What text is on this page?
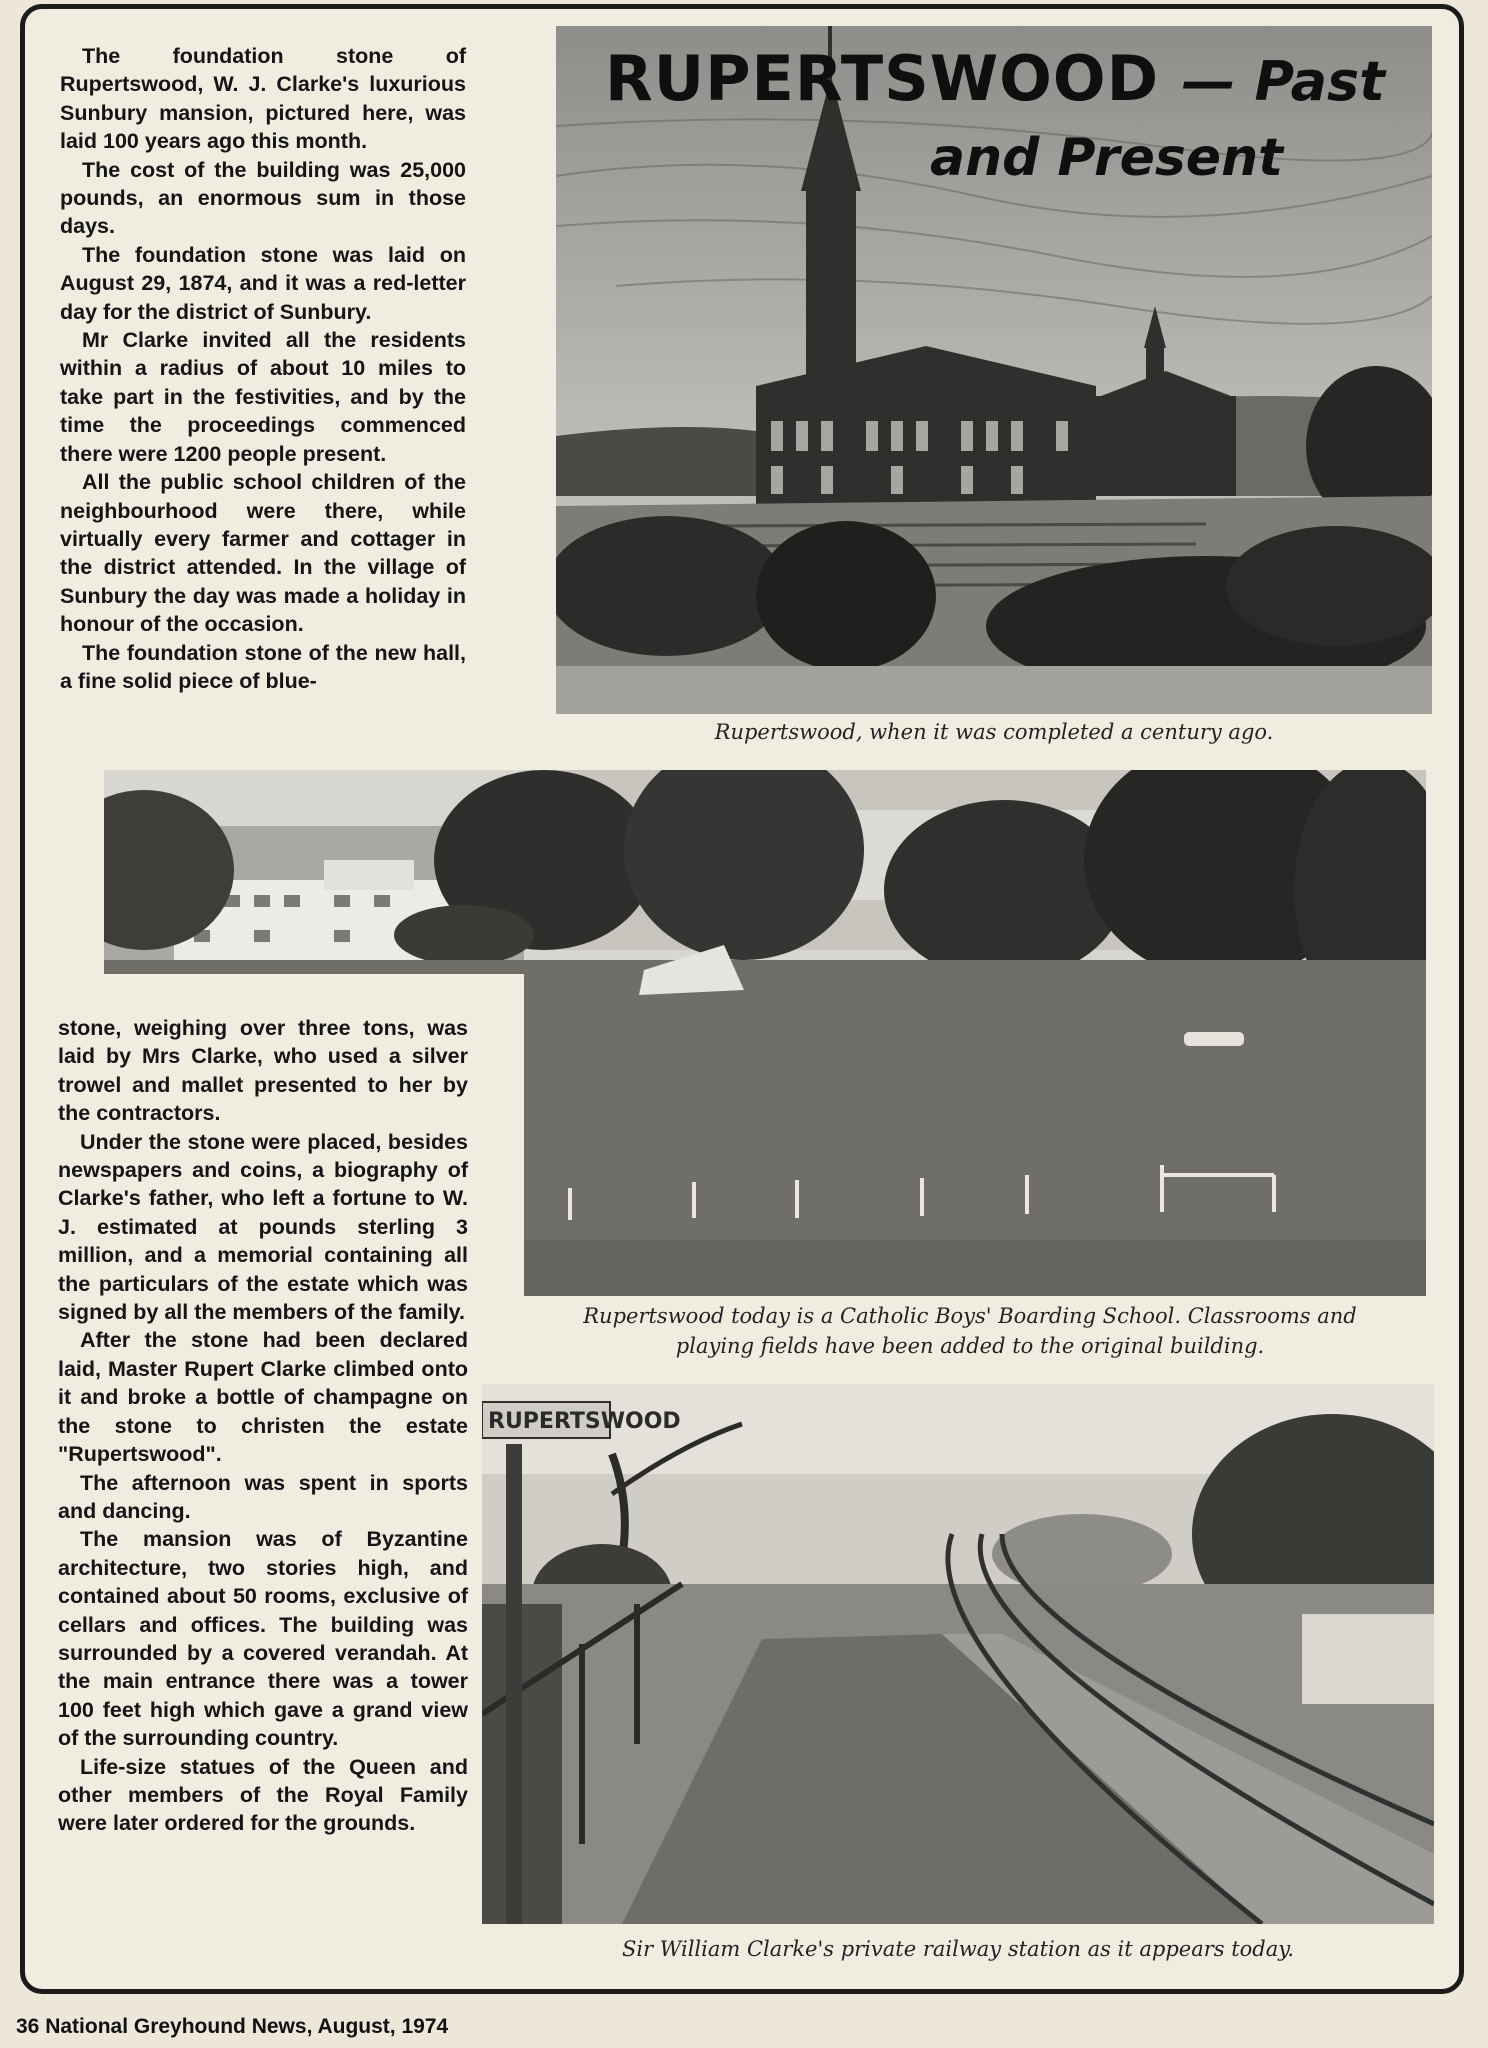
RUPERTSWOOD — Past
and Present
Rupertswood, when it was completed a century ago.
Rupertswood today is a Catholic Boys' Boarding School. Classrooms and
playing fields have been added to the original building.
RUPERTSWOOD
Sir William Clarke's private railway station as it appears today.

The foundation stone of Rupertswood, W. J. Clarke's luxurious Sunbury mansion, pictured here, was laid 100 years ago this month.

The cost of the building was 25,000 pounds, an enormous sum in those days.

The foundation stone was laid on August 29, 1874, and it was a red-letter day for the district of Sunbury.

Mr Clarke invited all the residents within a radius of about 10 miles to take part in the festivities, and by the time the proceedings commenced there were 1200 people present.

All the public school children of the neighbourhood were there, while virtually every farmer and cottager in the district attended. In the village of Sunbury the day was made a holiday in honour of the occasion.

The foundation stone of the new hall, a fine solid piece of blue-

stone, weighing over three tons, was laid by Mrs Clarke, who used a silver trowel and mallet presented to her by the contractors.

Under the stone were placed, besides newspapers and coins, a biography of Clarke's father, who left a fortune to W. J. estimated at pounds sterling 3 million, and a memorial containing all the particulars of the estate which was signed by all the members of the family.

After the stone had been declared laid, Master Rupert Clarke climbed onto it and broke a bottle of champagne on the stone to christen the estate "Rupertswood".

The afternoon was spent in sports and dancing.

The mansion was of Byzantine architecture, two stories high, and contained about 50 rooms, exclusive of cellars and offices. The building was surrounded by a covered verandah. At the main entrance there was a tower 100 feet high which gave a grand view of the surrounding country.

Life-size statues of the Queen and other members of the Royal Family were later ordered for the grounds.

36 National Greyhound News, August, 1974
